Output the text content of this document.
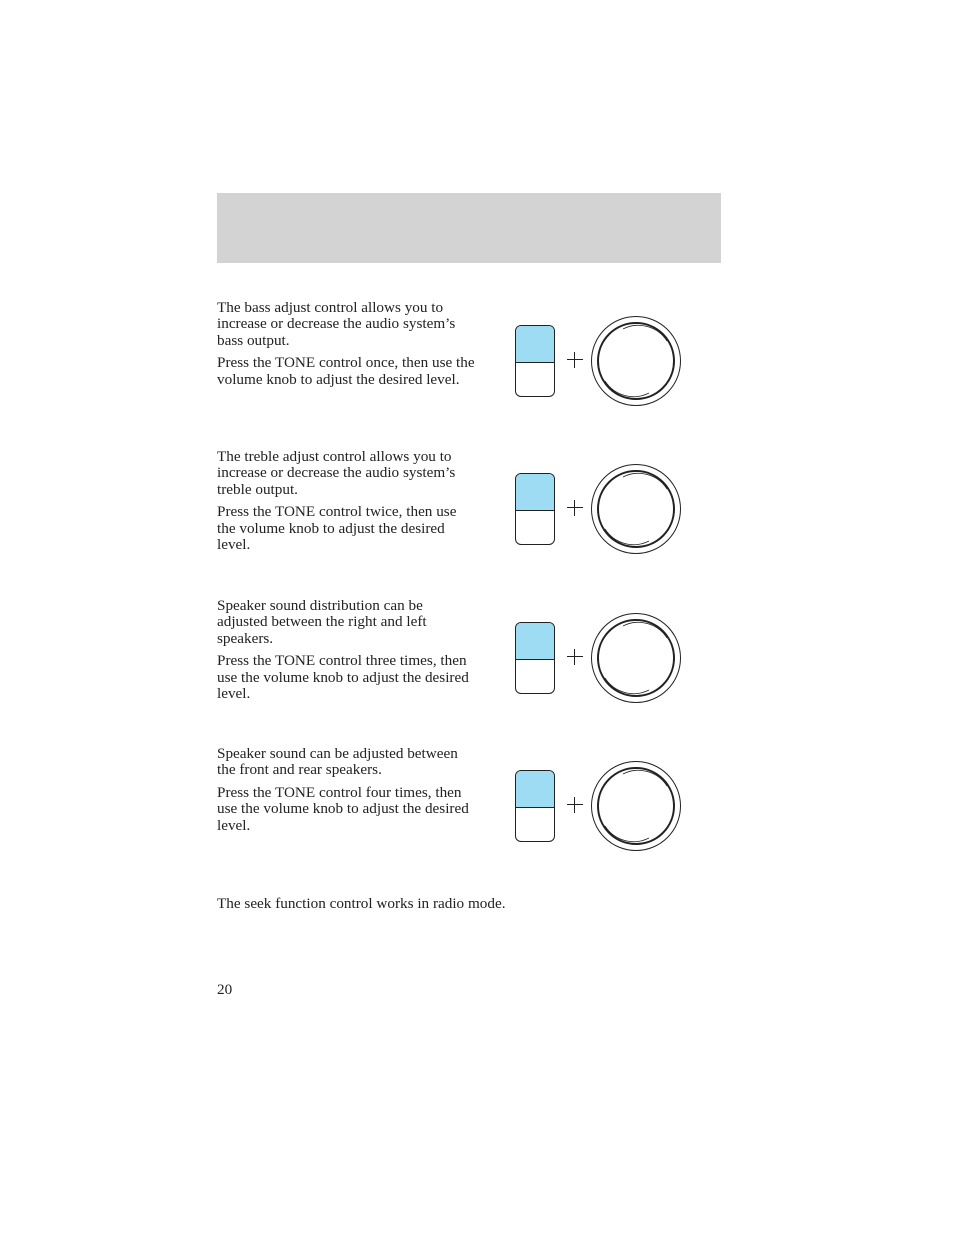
The bass adjust control allows you to increase or decrease the audio system’s bass output.

Press the TONE control once, then use the volume knob to adjust the desired level.

The treble adjust control allows you to increase or decrease the audio system’s treble output.

Press the TONE control twice, then use the volume knob to adjust the desired level.

Speaker sound distribution can be adjusted between the right and left speakers.

Press the TONE control three times, then use the volume knob to adjust the desired level.

Speaker sound can be adjusted between the front and rear speakers.

Press the TONE control four times, then use the volume knob to adjust the desired level.

The seek function control works in radio mode.
20
